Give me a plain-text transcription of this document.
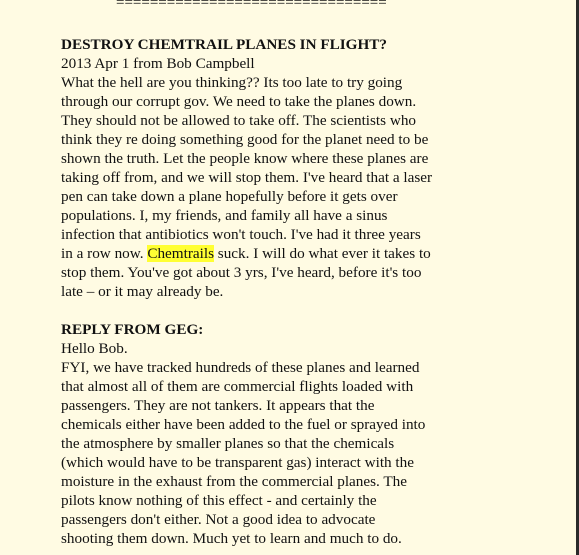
================================
DESTROY CHEMTRAIL PLANES IN FLIGHT?
2013 Apr 1 from Bob Campbell
What the hell are you thinking?? Its too late to try going
through our corrupt gov. We need to take the planes down.
They should not be allowed to take off. The scientists who
think they re doing something good for the planet need to be
shown the truth. Let the people know where these planes are
taking off from, and we will stop them. I've heard that a laser
pen can take down a plane hopefully before it gets over
populations. I, my friends, and family all have a sinus
infection that antibiotics won't touch. I've had it three years
in a row now. Chemtrails suck. I will do what ever it takes to
stop them. You've got about 3 yrs, I've heard, before it's too
late – or it may already be.
REPLY FROM GEG:
Hello Bob.
FYI, we have tracked hundreds of these planes and learned
that almost all of them are commercial flights loaded with
passengers. They are not tankers. It appears that the
chemicals either have been added to the fuel or sprayed into
the atmosphere by smaller planes so that the chemicals
(which would have to be transparent gas) interact with the
moisture in the exhaust from the commercial planes. The
pilots know nothing of this effect - and certainly the
passengers don't either. Not a good idea to advocate
shooting them down. Much yet to learn and much to do.
